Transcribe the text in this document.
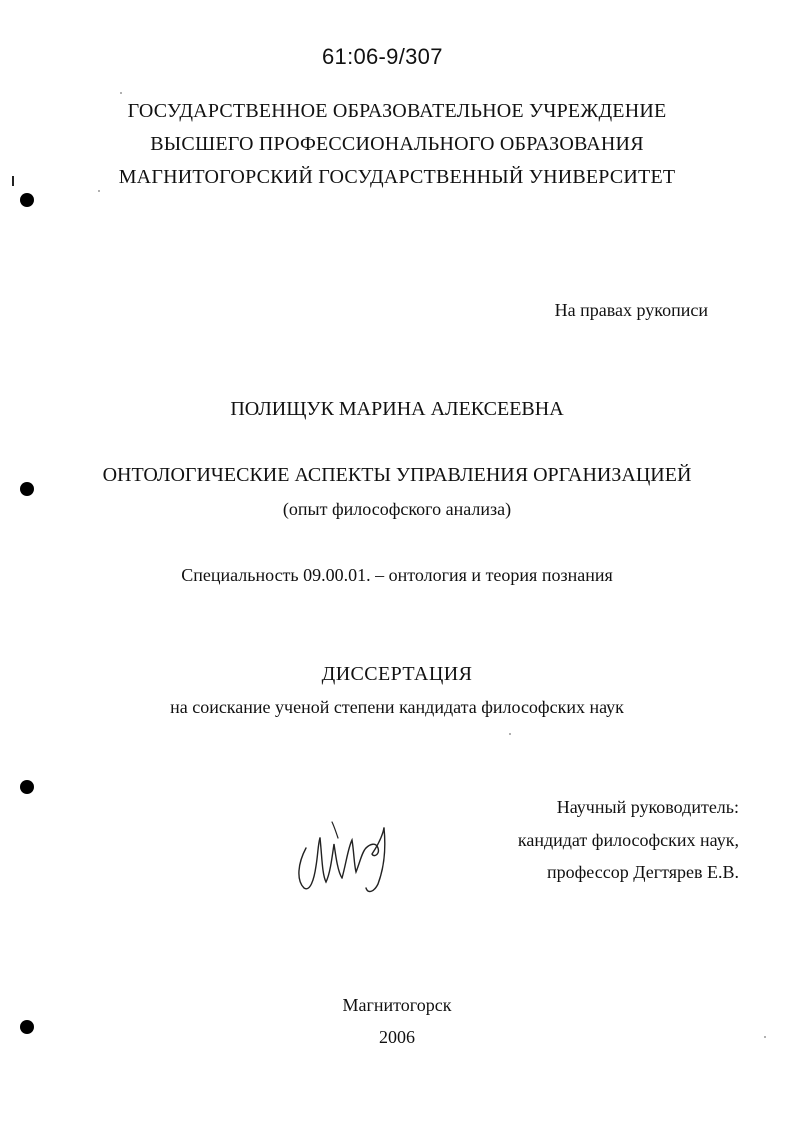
61:06-9/307
ГОСУДАРСТВЕННОЕ ОБРАЗОВАТЕЛЬНОЕ УЧРЕЖДЕНИЕ
ВЫСШЕГО ПРОФЕССИОНАЛЬНОГО ОБРАЗОВАНИЯ
МАГНИТОГОРСКИЙ ГОСУДАРСТВЕННЫЙ УНИВЕРСИТЕТ
На правах рукописи
ПОЛИЩУК МАРИНА АЛЕКСЕЕВНА
ОНТОЛОГИЧЕСКИЕ АСПЕКТЫ УПРАВЛЕНИЯ ОРГАНИЗАЦИЕЙ
(опыт философского анализа)
Специальность 09.00.01. – онтология и теория познания
ДИССЕРТАЦИЯ
на соискание ученой степени кандидата философских наук
Научный руководитель:
кандидат философских наук,
профессор Дегтярев Е.В.
Магнитогорск
2006
